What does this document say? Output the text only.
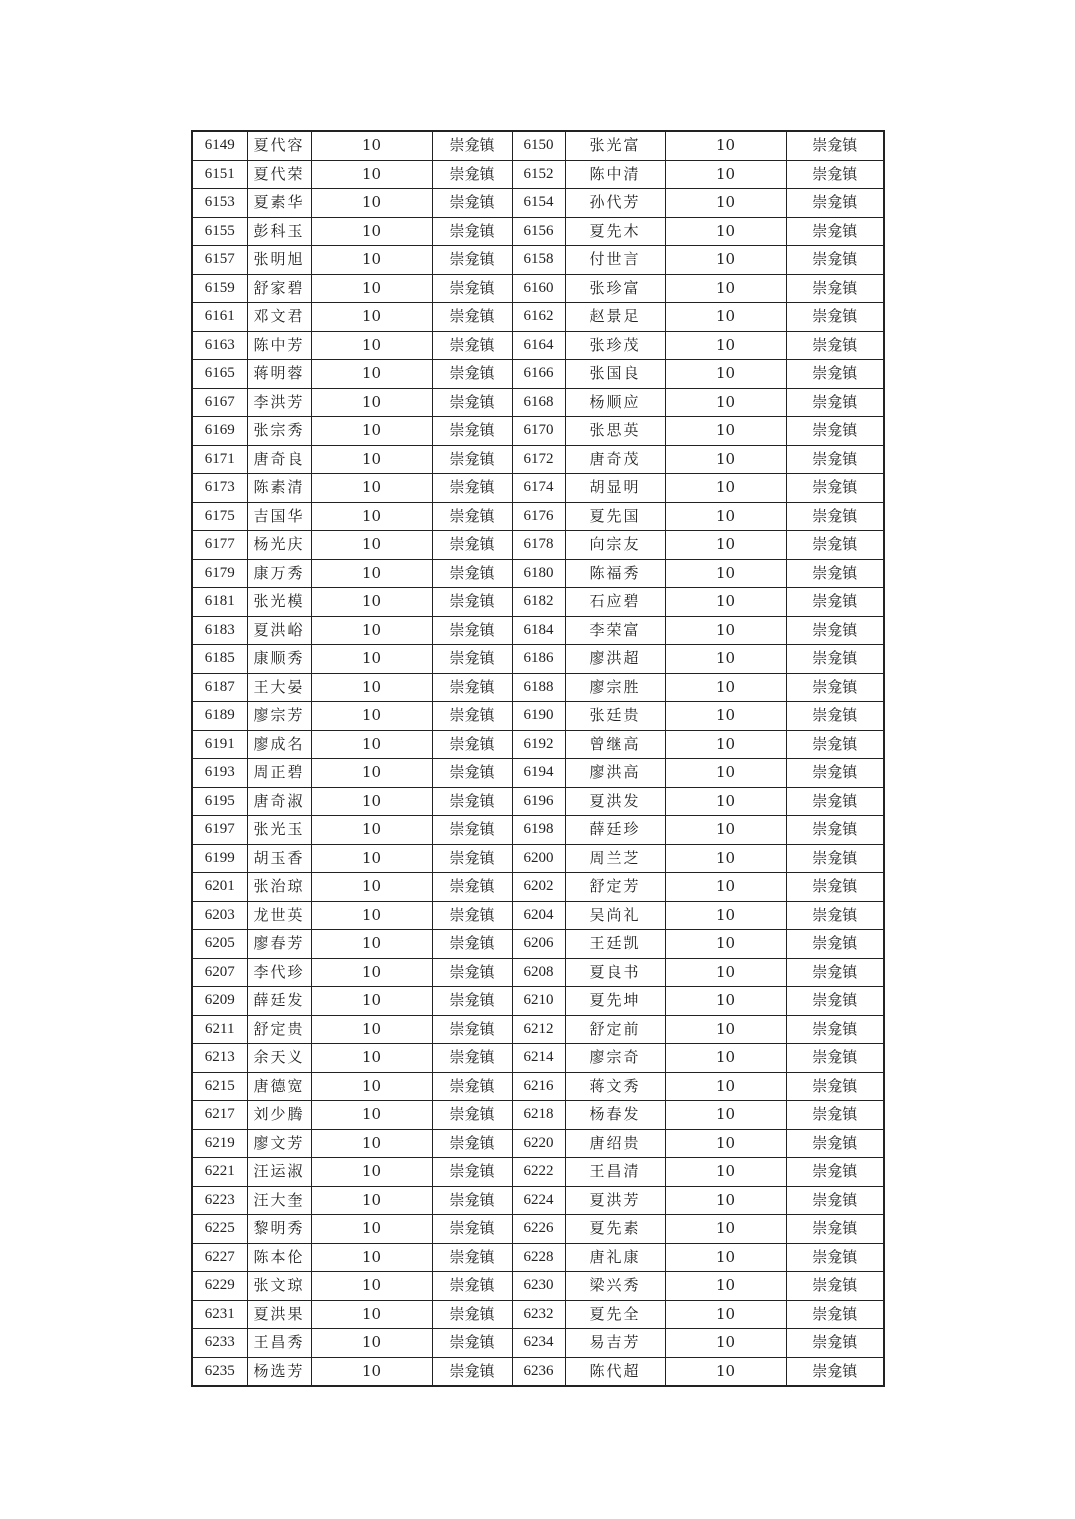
6149	夏代容	10	崇龛镇	6150	张光富	10	崇龛镇
6151	夏代荣	10	崇龛镇	6152	陈中清	10	崇龛镇
6153	夏素华	10	崇龛镇	6154	孙代芳	10	崇龛镇
6155	彭科玉	10	崇龛镇	6156	夏先木	10	崇龛镇
6157	张明旭	10	崇龛镇	6158	付世言	10	崇龛镇
6159	舒家碧	10	崇龛镇	6160	张珍富	10	崇龛镇
6161	邓文君	10	崇龛镇	6162	赵景足	10	崇龛镇
6163	陈中芳	10	崇龛镇	6164	张珍茂	10	崇龛镇
6165	蒋明蓉	10	崇龛镇	6166	张国良	10	崇龛镇
6167	李洪芳	10	崇龛镇	6168	杨顺应	10	崇龛镇
6169	张宗秀	10	崇龛镇	6170	张思英	10	崇龛镇
6171	唐奇良	10	崇龛镇	6172	唐奇茂	10	崇龛镇
6173	陈素清	10	崇龛镇	6174	胡显明	10	崇龛镇
6175	吉国华	10	崇龛镇	6176	夏先国	10	崇龛镇
6177	杨光庆	10	崇龛镇	6178	向宗友	10	崇龛镇
6179	康万秀	10	崇龛镇	6180	陈福秀	10	崇龛镇
6181	张光模	10	崇龛镇	6182	石应碧	10	崇龛镇
6183	夏洪峪	10	崇龛镇	6184	李荣富	10	崇龛镇
6185	康顺秀	10	崇龛镇	6186	廖洪超	10	崇龛镇
6187	王大晏	10	崇龛镇	6188	廖宗胜	10	崇龛镇
6189	廖宗芳	10	崇龛镇	6190	张廷贵	10	崇龛镇
6191	廖成名	10	崇龛镇	6192	曾继高	10	崇龛镇
6193	周正碧	10	崇龛镇	6194	廖洪高	10	崇龛镇
6195	唐奇淑	10	崇龛镇	6196	夏洪发	10	崇龛镇
6197	张光玉	10	崇龛镇	6198	薛廷珍	10	崇龛镇
6199	胡玉香	10	崇龛镇	6200	周兰芝	10	崇龛镇
6201	张治琼	10	崇龛镇	6202	舒定芳	10	崇龛镇
6203	龙世英	10	崇龛镇	6204	吴尚礼	10	崇龛镇
6205	廖春芳	10	崇龛镇	6206	王廷凯	10	崇龛镇
6207	李代珍	10	崇龛镇	6208	夏良书	10	崇龛镇
6209	薛廷发	10	崇龛镇	6210	夏先坤	10	崇龛镇
6211	舒定贵	10	崇龛镇	6212	舒定前	10	崇龛镇
6213	余天义	10	崇龛镇	6214	廖宗奇	10	崇龛镇
6215	唐德宽	10	崇龛镇	6216	蒋文秀	10	崇龛镇
6217	刘少腾	10	崇龛镇	6218	杨春发	10	崇龛镇
6219	廖文芳	10	崇龛镇	6220	唐绍贵	10	崇龛镇
6221	汪运淑	10	崇龛镇	6222	王昌清	10	崇龛镇
6223	汪大奎	10	崇龛镇	6224	夏洪芳	10	崇龛镇
6225	黎明秀	10	崇龛镇	6226	夏先素	10	崇龛镇
6227	陈本伦	10	崇龛镇	6228	唐礼康	10	崇龛镇
6229	张文琼	10	崇龛镇	6230	梁兴秀	10	崇龛镇
6231	夏洪果	10	崇龛镇	6232	夏先全	10	崇龛镇
6233	王昌秀	10	崇龛镇	6234	易吉芳	10	崇龛镇
6235	杨选芳	10	崇龛镇	6236	陈代超	10	崇龛镇
